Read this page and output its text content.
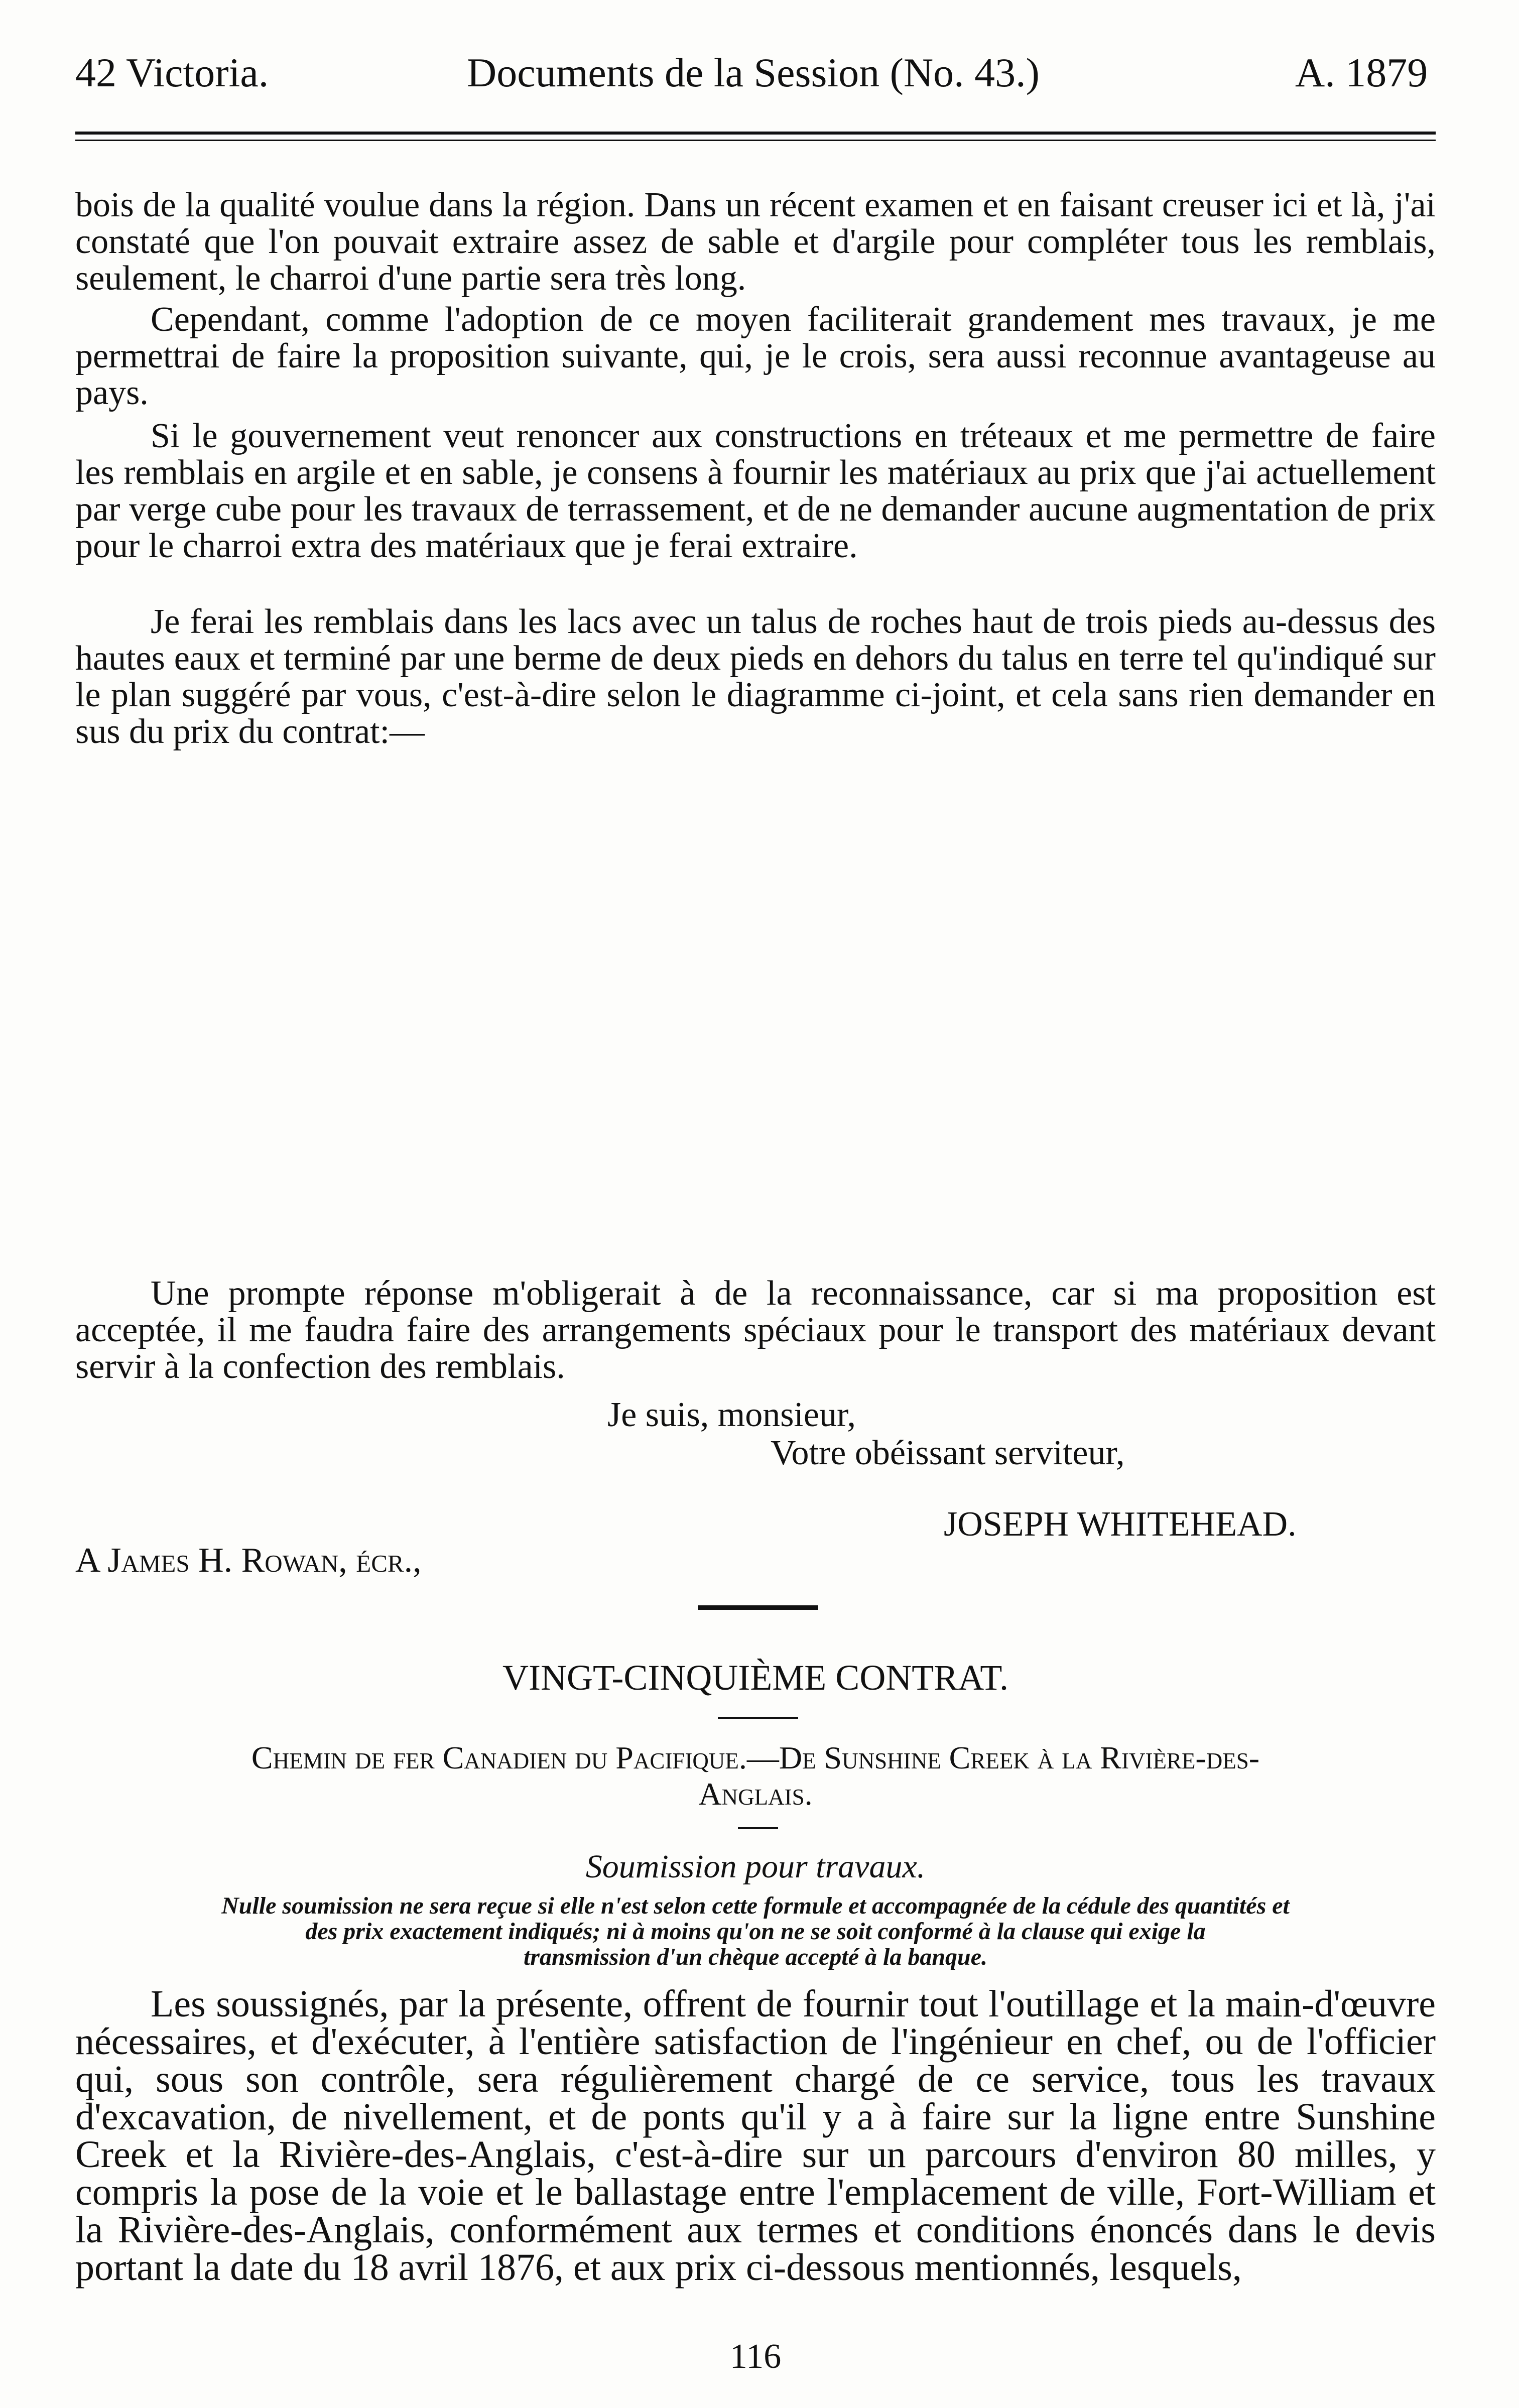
42 Victoria.	Documents de la Session (No. 43.)	A. 1879

bois de la qualité voulue dans la région. Dans un récent examen et en faisant creuser ici et là, j'ai constaté que l'on pouvait extraire assez de sable et d'argile pour compléter tous les remblais, seulement, le charroi d'une partie sera très long.

Cependant, comme l'adoption de ce moyen faciliterait grandement mes travaux, je me permettrai de faire la proposition suivante, qui, je le crois, sera aussi reconnue avantageuse au pays.

Si le gouvernement veut renoncer aux constructions en tréteaux et me permettre de faire les remblais en argile et en sable, je consens à fournir les matériaux au prix que j'ai actuellement par verge cube pour les travaux de terrassement, et de ne demander aucune augmentation de prix pour le charroi extra des matériaux que je ferai extraire.

Je ferai les remblais dans les lacs avec un talus de roches haut de trois pieds au-dessus des hautes eaux et terminé par une berme de deux pieds en dehors du talus en terre tel qu'indiqué sur le plan suggéré par vous, c'est-à-dire selon le diagramme ci-joint, et cela sans rien demander en sus du prix du contrat:—

Une prompte réponse m'obligerait à de la reconnaissance, car si ma proposition est acceptée, il me faudra faire des arrangements spéciaux pour le transport des matériaux devant servir à la confection des remblais.

Je suis, monsieur,
Votre obéissant serviteur,
JOSEPH WHITEHEAD.
A James H. Rowan, écr.,
VINGT-CINQUIÈME CONTRAT.
Chemin de fer Canadien du Pacifique.—De Sunshine Creek à la Rivière-des-
Anglais.
Soumission pour travaux.
Nulle soumission ne sera reçue si elle n'est selon cette formule et accompagnée de la cédule des quantités et
des prix exactement indiqués; ni à moins qu'on ne se soit conformé à la clause qui exige la
transmission d'un chèque accepté à la banque.

Les soussignés, par la présente, offrent de fournir tout l'outillage et la main-d'œuvre nécessaires, et d'exécuter, à l'entière satisfaction de l'ingénieur en chef, ou de l'officier qui, sous son contrôle, sera régulièrement chargé de ce service, tous les travaux d'excavation, de nivellement, et de ponts qu'il y a à faire sur la ligne entre Sunshine Creek et la Rivière-des-Anglais, c'est-à-dire sur un parcours d'environ 80 milles, y compris la pose de la voie et le ballastage entre l'emplacement de ville, Fort-William et la Rivière-des-Anglais, conformément aux termes et conditions énoncés dans le devis portant la date du 18 avril 1876, et aux prix ci-dessous mentionnés, lesquels,

116
